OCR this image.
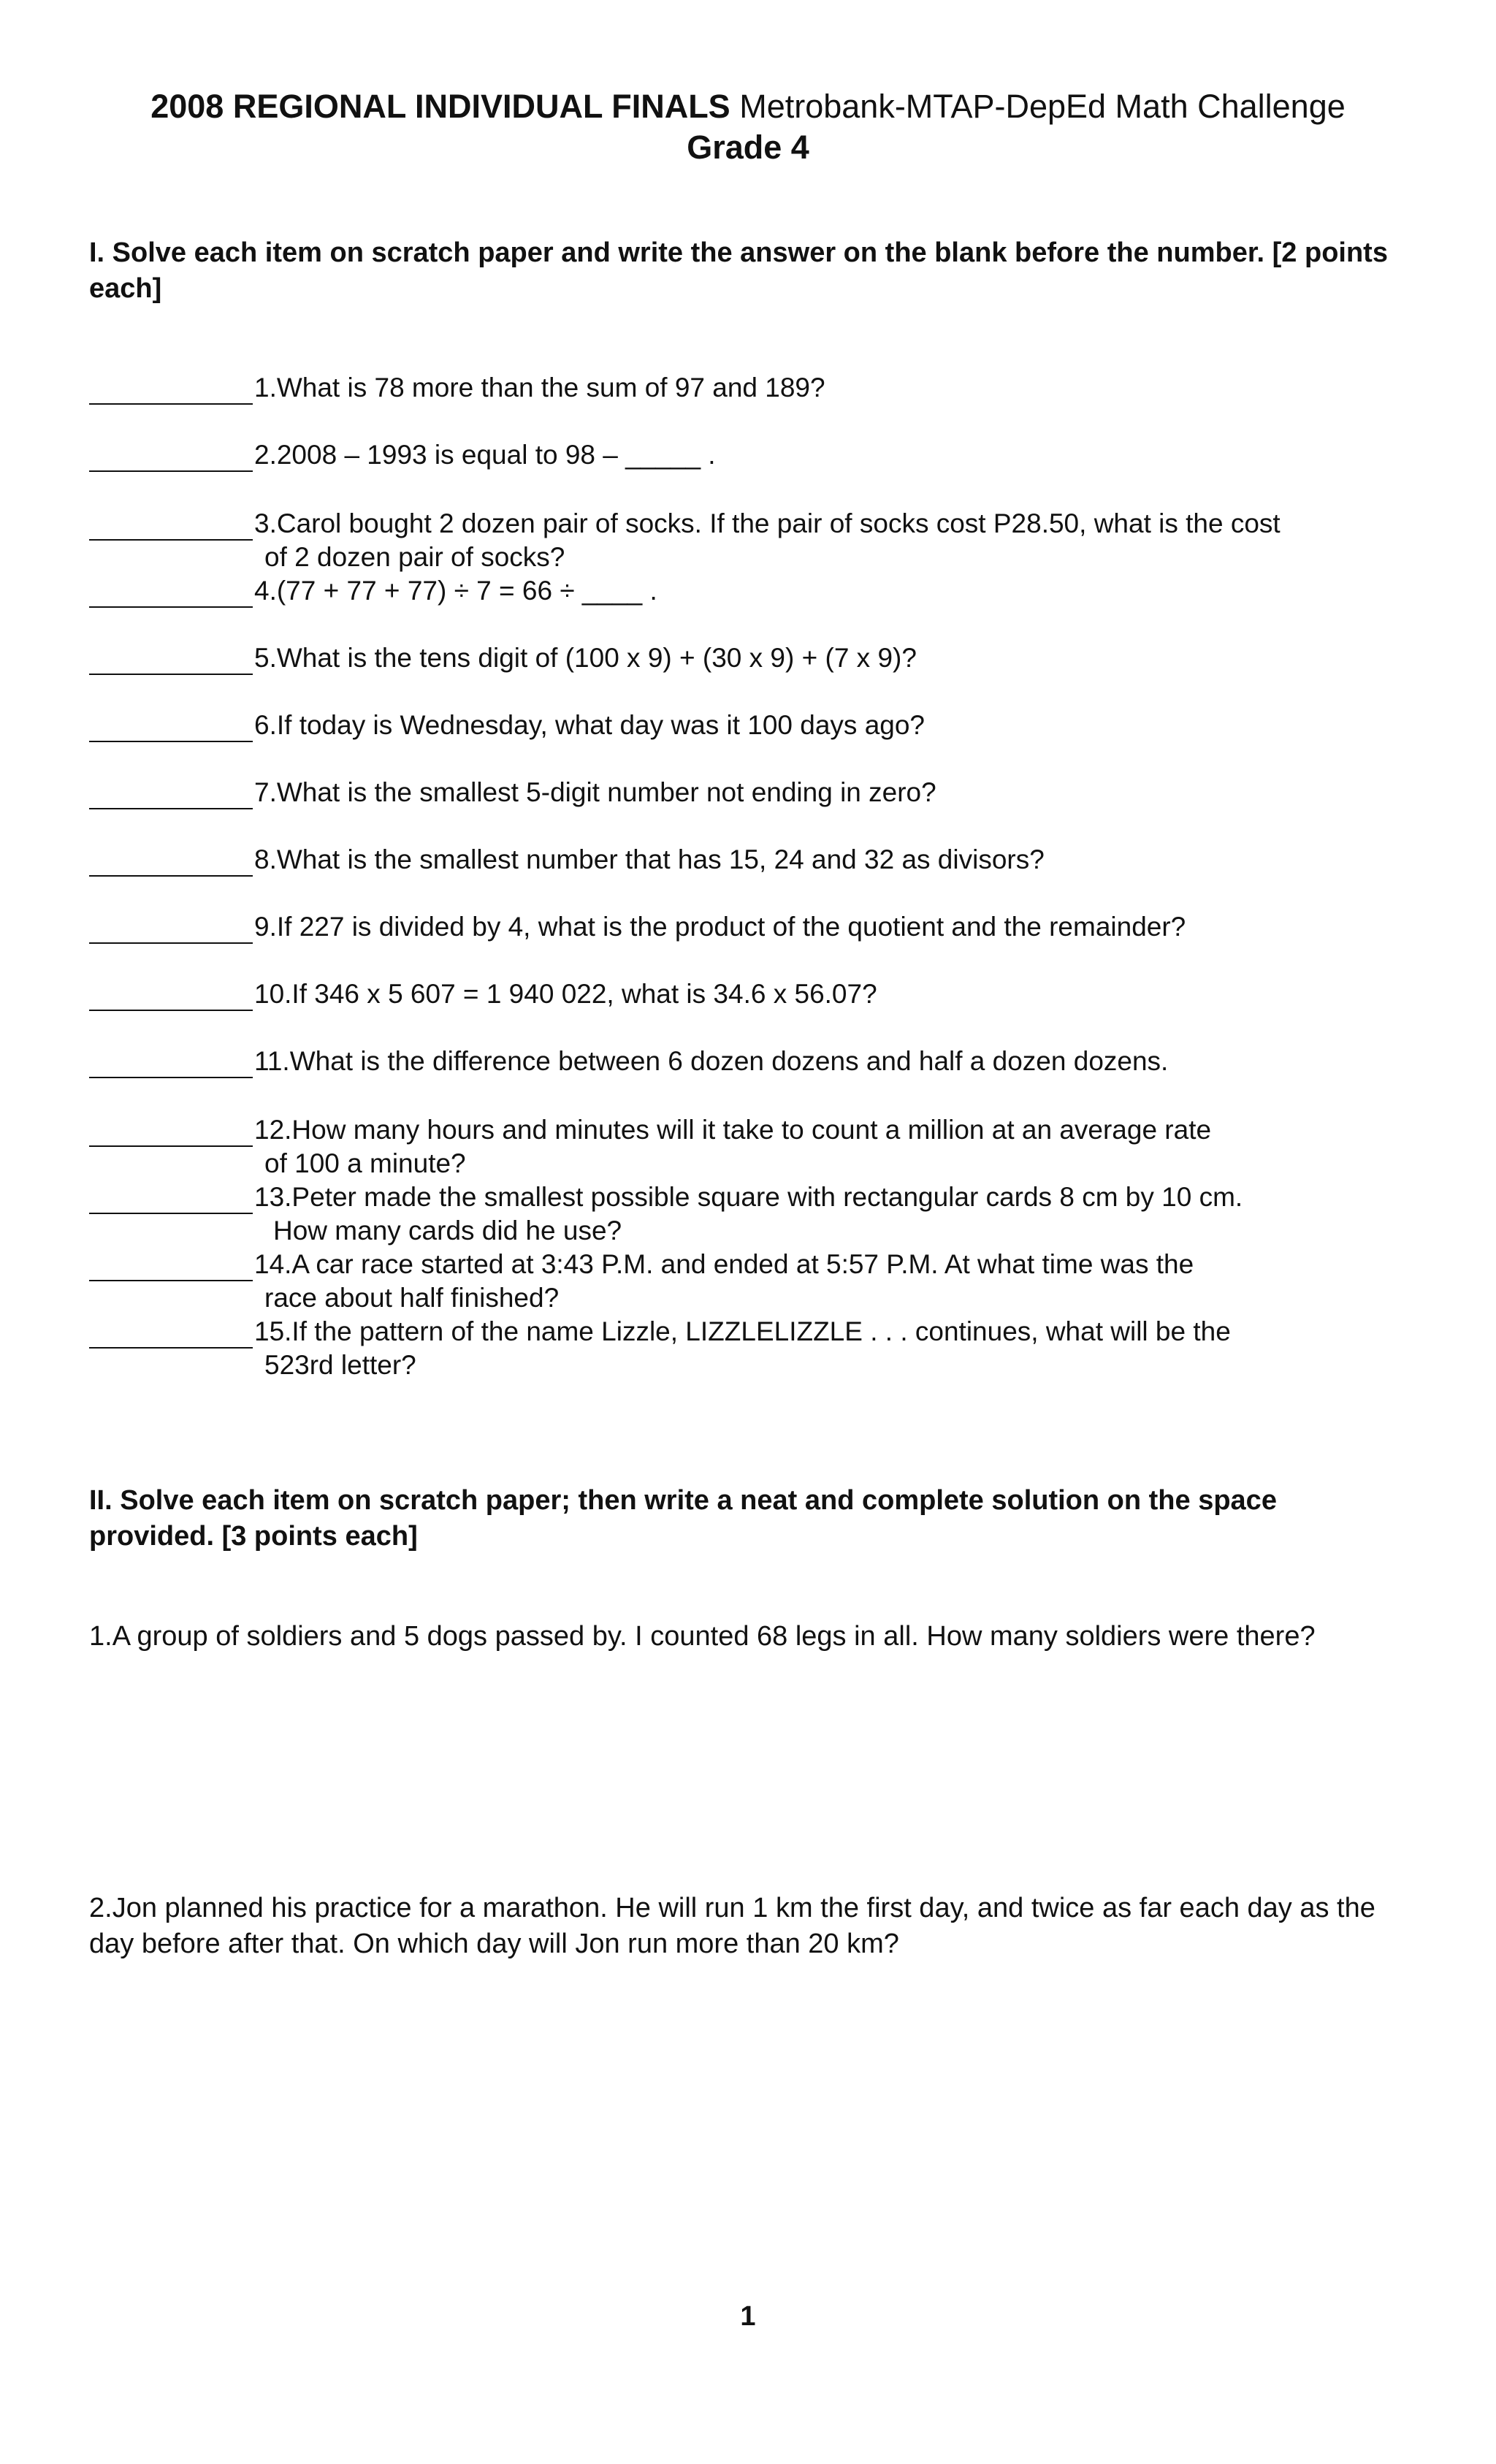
2008 REGIONAL INDIVIDUAL FINALS Metrobank-MTAP-DepEd Math Challenge
Grade 4
I. Solve each item on scratch paper and write the answer on the blank before the number. [2 points each]
1.What is 78 more than the sum of 97 and 189?
2.2008 – 1993 is equal to 98 – _____ .
3.Carol bought 2 dozen pair of socks. If the pair of socks cost P28.50, what is the cost
of 2 dozen pair of socks?
4.(77 + 77 + 77) ÷ 7 = 66 ÷ ____ .
5.What is the tens digit of (100 x 9) + (30 x 9) + (7 x 9)?
6.If today is Wednesday, what day was it 100 days ago?
7.What is the smallest 5-digit number not ending in zero?
8.What is the smallest number that has 15, 24 and 32 as divisors?
9.If 227 is divided by 4, what is the product of the quotient and the remainder?
10.If 346 x 5 607 = 1 940 022, what is 34.6 x 56.07?
11.What is the difference between 6 dozen dozens and half a dozen dozens.
12.How many hours and minutes will it take to count a million at an average rate
of 100 a minute?
13.Peter made the smallest possible square with rectangular cards 8 cm by 10 cm.
How many cards did he use?
14.A car race started at 3:43 P.M. and ended at 5:57 P.M. At what time was the
race about half finished?
15.If the pattern of the name Lizzle, LIZZLELIZZLE . . . continues, what will be the
523rd letter?
II. Solve each item on scratch paper; then write a neat and complete solution on the space provided. [3 points each]
1.A group of soldiers and 5 dogs passed by. I counted 68 legs in all. How many soldiers were there?
2.Jon planned his practice for a marathon. He will run 1 km the first day, and twice as far each day as the day before after that. On which day will Jon run more than 20 km?
1
